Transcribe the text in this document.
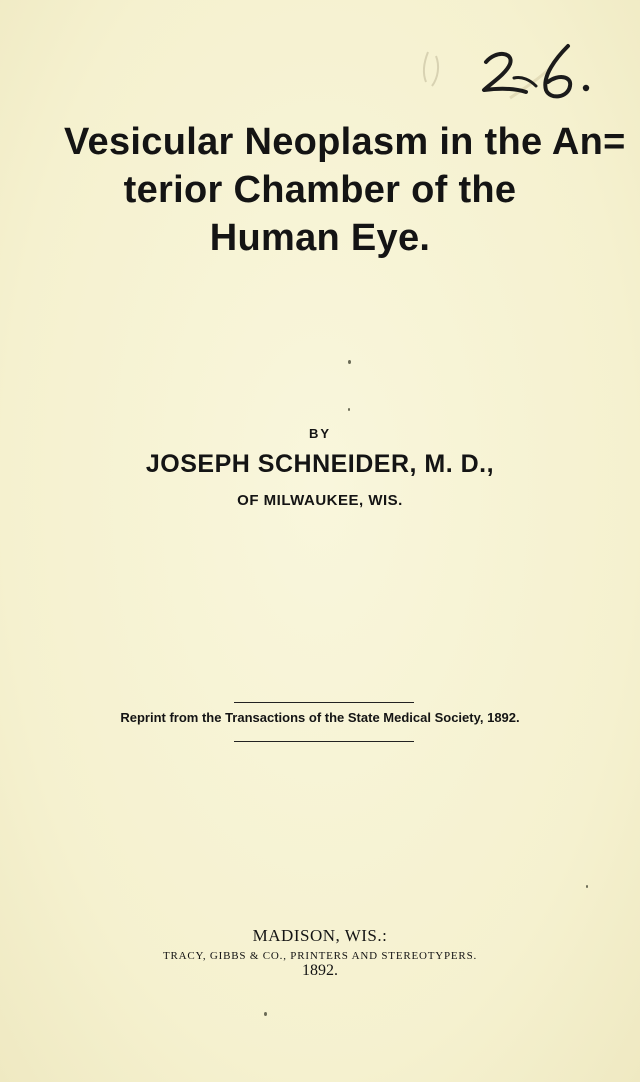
Vesicular Neoplasm in the An=
terior Chamber of the
Human Eye.
BY
JOSEPH SCHNEIDER, M. D.,
OF MILWAUKEE, WIS.
Reprint from the Transactions of the State Medical Society, 1892.
MADISON, WIS.:
TRACY, GIBBS & CO., PRINTERS AND STEREOTYPERS.
1892.
